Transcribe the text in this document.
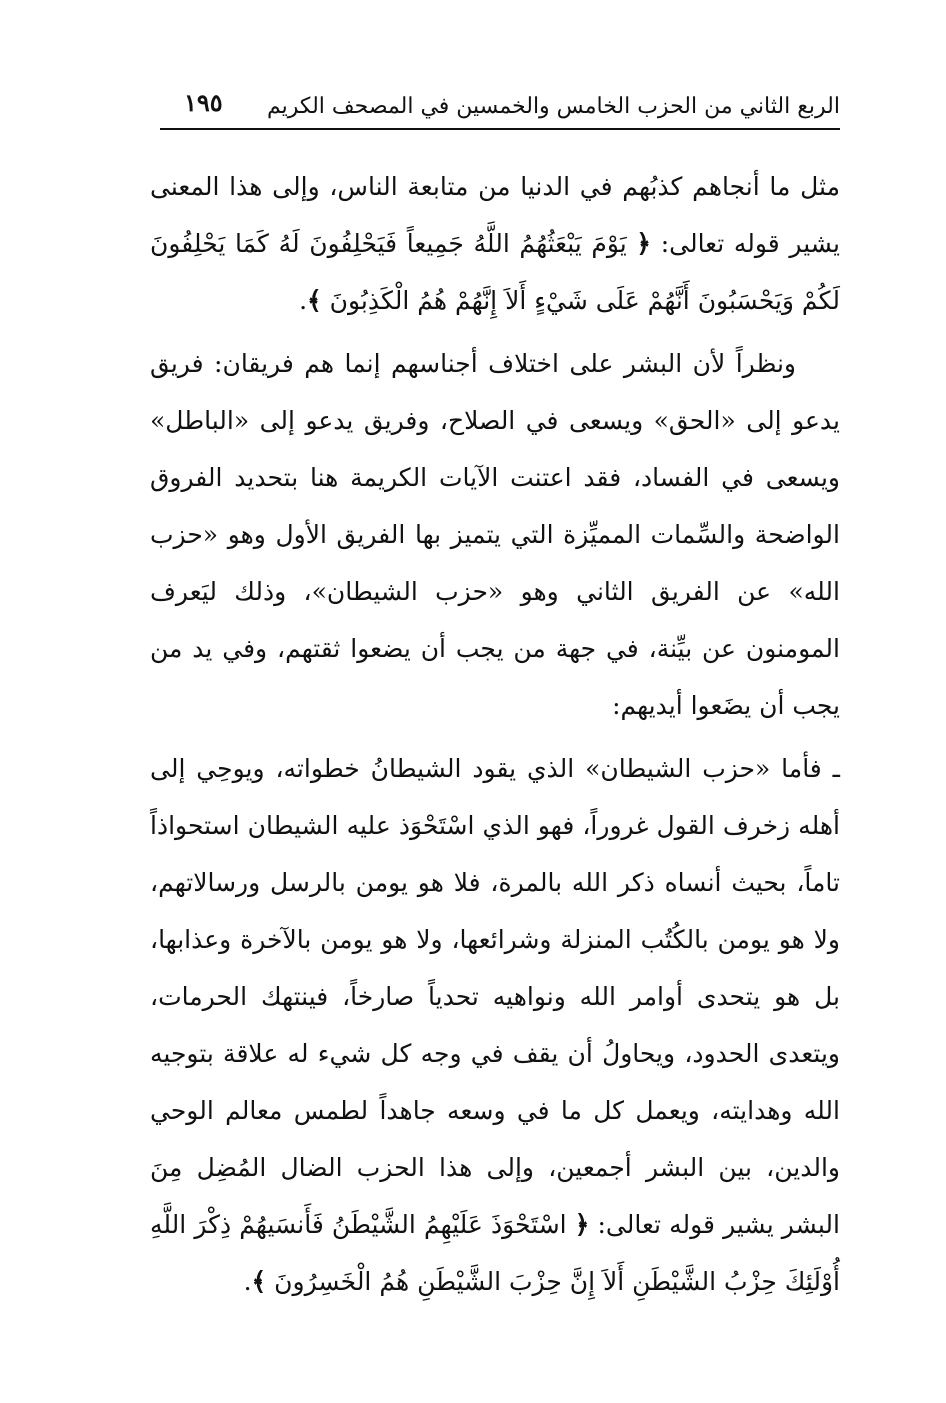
الربع الثاني من الحزب الخامس والخمسين في المصحف الكريم
١٩٥

مثل ما أنجاهم كذبُهم في الدنيا من متابعة الناس، وإلى هذا المعنى يشير قوله تعالى: ﴿ يَوْمَ يَبْعَثُهُمُ اللَّهُ جَمِيعاً فَيَحْلِفُونَ لَهُ كَمَا يَحْلِفُونَ لَكُمْ وَيَحْسَبُونَ أَنَّهُمْ عَلَى شَيْءٍ أَلاَ إِنَّهُمْ هُمُ الْكَذِبُونَ ﴾.

ونظراً لأن البشر على اختلاف أجناسهم إنما هم فريقان: فريق يدعو إلى «الحق» ويسعى في الصلاح، وفريق يدعو إلى «الباطل» ويسعى في الفساد، فقد اعتنت الآيات الكريمة هنا بتحديد الفروق الواضحة والسِّمات المميِّزة التي يتميز بها الفريق الأول وهو «حزب الله» عن الفريق الثاني وهو «حزب الشيطان»، وذلك ليَعرف المومنون عن بيِّنة، في جهة من يجب أن يضعوا ثقتهم، وفي يد من يجب أن يضَعوا أيديهم:

ـ فأما «حزب الشيطان» الذي يقود الشيطانُ خطواته، ويوحِي إلى أهله زخرف القول غروراً، فهو الذي اسْتَحْوَذ عليه الشيطان استحواذاً تاماً، بحيث أنساه ذكر الله بالمرة، فلا هو يومن بالرسل ورسالاتهم، ولا هو يومن بالكُتُب المنزلة وشرائعها، ولا هو يومن بالآخرة وعذابها، بل هو يتحدى أوامر الله ونواهيه تحدياً صارخاً، فينتهك الحرمات، ويتعدى الحدود، ويحاولُ أن يقف في وجه كل شيء له علاقة بتوجيه الله وهدايته، ويعمل كل ما في وسعه جاهداً لطمس معالم الوحي والدين، بين البشر أجمعين، وإلى هذا الحزب الضال المُضِل مِنَ البشر يشير قوله تعالى: ﴿ اسْتَحْوَذَ عَلَيْهِمُ الشَّيْطَنُ فَأَنسَيهُمْ ذِكْرَ اللَّهِ أُوْلَئِكَ حِزْبُ الشَّيْطَنِ أَلاَ إِنَّ حِزْبَ الشَّيْطَنِ هُمُ الْخَسِرُونَ ﴾.
